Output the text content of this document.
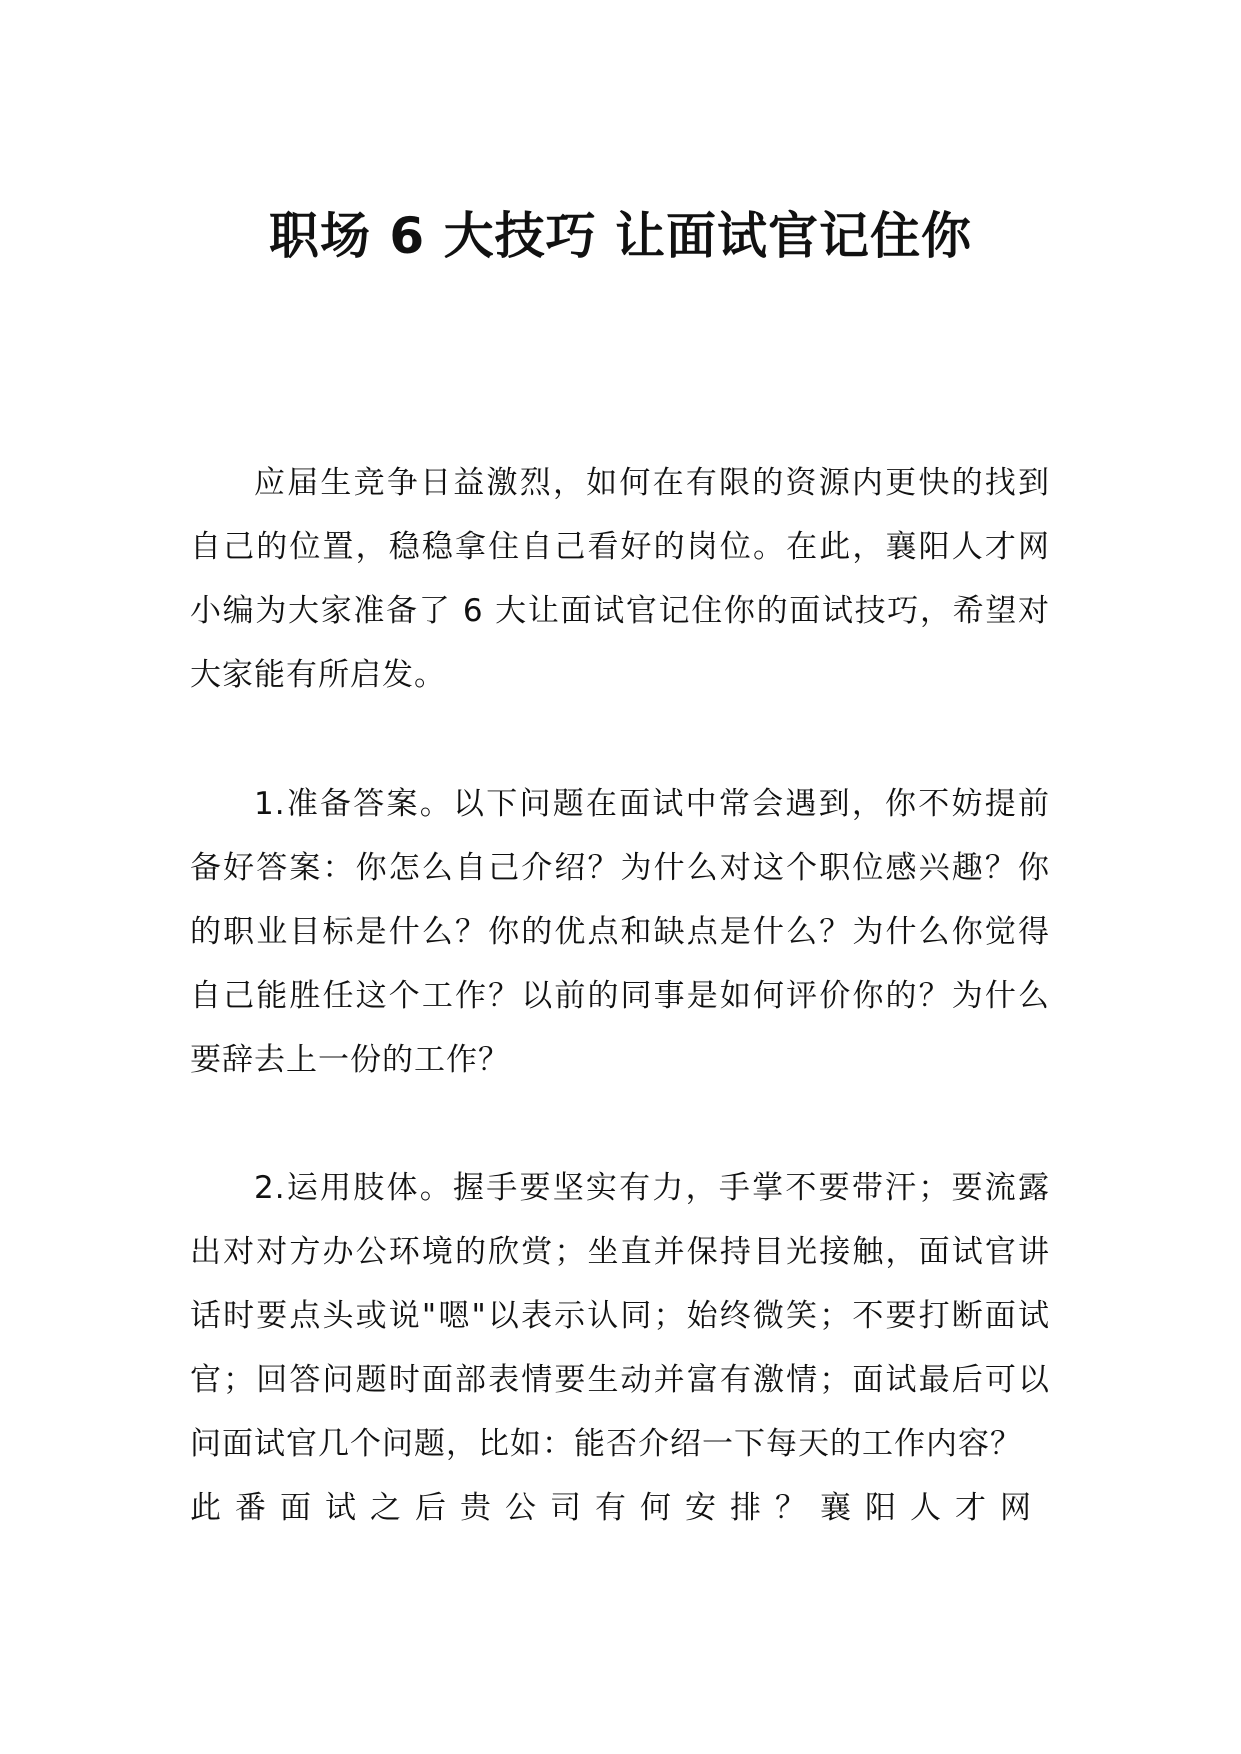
职场 6 大技巧 让面试官记住你

应届生竞争日益激烈，如何在有限的资源内更快的找到自己的位置，稳稳拿住自己看好的岗位。在此，襄阳人才网小编为大家准备了 6 大让面试官记住你的面试技巧，希望对大家能有所启发。

1.准备答案。以下问题在面试中常会遇到，你不妨提前备好答案：你怎么自己介绍？为什么对这个职位感兴趣？你的职业目标是什么？你的优点和缺点是什么？为什么你觉得自己能胜任这个工作？以前的同事是如何评价你的？为什么要辞去上一份的工作？

2.运用肢体。握手要坚实有力，手掌不要带汗；要流露出对对方办公环境的欣赏；坐直并保持目光接触，面试官讲话时要点头或说"嗯"以表示认同；始终微笑；不要打断面试官；回答问题时面部表情要生动并富有激情；面试最后可以问面试官几个问题，比如：能否介绍一下每天的工作内容？

此番面试之后贵公司有何安排？襄阳人才网
